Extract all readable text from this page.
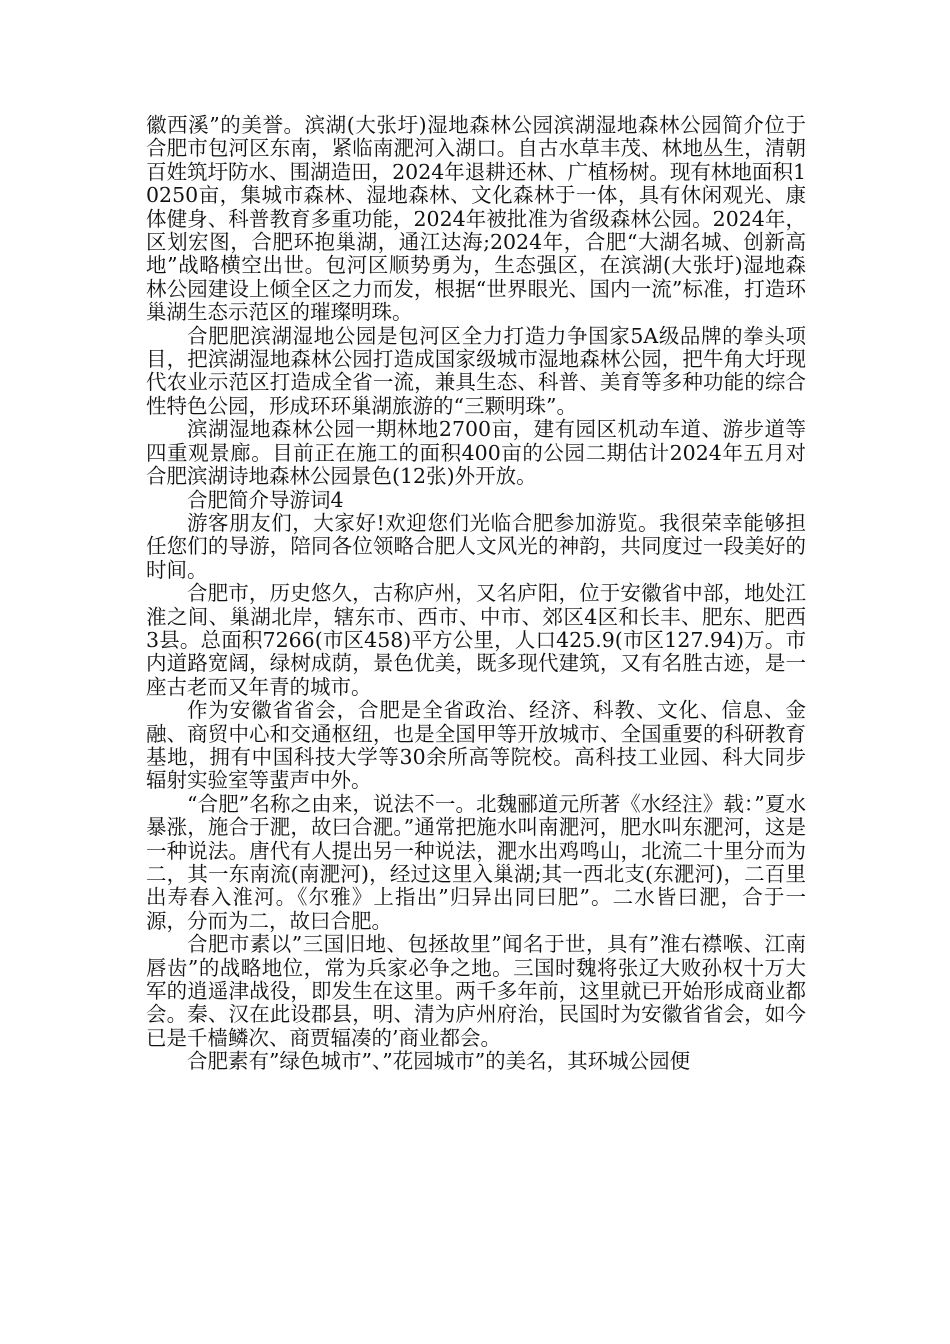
徽西溪”的美誉。滨湖(大张圩)湿地森林公园滨湖湿地森林公园简介位于合肥市包河区东南，紧临南淝河入湖口。自古水草丰茂、林地丛生，清朝百姓筑圩防水、围湖造田，2024年退耕还林、广植杨树。现有林地面积10250亩，集城市森林、湿地森林、文化森林于一体，具有休闲观光、康体健身、科普教育多重功能，2024年被批准为省级森林公园。2024年，区划宏图，合肥环抱巢湖，通江达海;2024年，合肥“大湖名城、创新高地”战略横空出世。包河区顺势勇为，生态强区，在滨湖(大张圩)湿地森林公园建设上倾全区之力而发，根据“世界眼光、国内一流”标准，打造环巢湖生态示范区的璀璨明珠。

合肥肥滨湖湿地公园是包河区全力打造力争国家5A级品牌的拳头项目，把滨湖湿地森林公园打造成国家级城市湿地森林公园，把牛角大圩现代农业示范区打造成全省一流，兼具生态、科普、美育等多种功能的综合性特色公园，形成环环巢湖旅游的“三颗明珠”。

滨湖湿地森林公园一期林地2700亩，建有园区机动车道、游步道等四重观景廊。目前正在施工的面积400亩的公园二期估计2024年五月对合肥滨湖诗地森林公园景色(12张)外开放。

合肥简介导游词4

游客朋友们，大家好!欢迎您们光临合肥参加游览。我很荣幸能够担任您们的导游，陪同各位领略合肥人文风光的神韵，共同度过一段美好的时间。

合肥市，历史悠久，古称庐州，又名庐阳，位于安徽省中部，地处江淮之间、巢湖北岸，辖东市、西市、中市、郊区4区和长丰、肥东、肥西3县。总面积7266(市区458)平方公里，人口425.9(市区127.94)万。市内道路宽阔，绿树成荫，景色优美，既多现代建筑，又有名胜古迹，是一座古老而又年青的城市。

作为安徽省省会，合肥是全省政治、经济、科教、文化、信息、金融、商贸中心和交通枢纽，也是全国甲等开放城市、全国重要的科研教育基地，拥有中国科技大学等30余所高等院校。高科技工业园、科大同步辐射实验室等蜚声中外。

“合肥”名称之由来，说法不一。北魏郦道元所著《水经注》载：”夏水暴涨，施合于淝，故曰合淝。”通常把施水叫南淝河，肥水叫东淝河，这是一种说法。唐代有人提出另一种说法，淝水出鸡鸣山，北流二十里分而为二，其一东南流(南淝河)，经过这里入巢湖;其一西北支(东淝河)，二百里出寿春入淮河。《尔雅》上指出”归异出同曰肥”。二水皆曰淝，合于一源，分而为二，故曰合肥。

合肥市素以”三国旧地、包拯故里”闻名于世，具有”淮右襟喉、江南唇齿”的战略地位，常为兵家必争之地。三国时魏将张辽大败孙权十万大军的逍遥津战役，即发生在这里。两千多年前，这里就已开始形成商业都会。秦、汉在此设郡县，明、清为庐州府治，民国时为安徽省省会，如今已是千樯鳞次、商贾辐凑的’商业都会。

合肥素有”绿色城市”、”花园城市”的美名，其环城公园便
